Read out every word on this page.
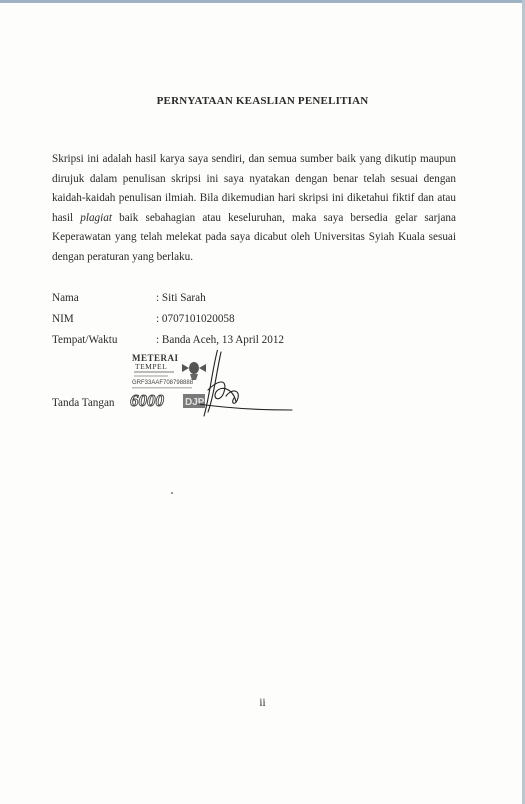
PERNYATAAN KEASLIAN PENELITIAN
Skripsi ini adalah hasil karya saya sendiri, dan semua sumber baik yang dikutip maupun dirujuk dalam penulisan skripsi ini saya nyatakan dengan benar telah sesuai dengan kaidah-kaidah penulisan ilmiah. Bila dikemudian hari skripsi ini diketahui fiktif dan atau hasil plagiat baik sebahagian atau keseluruhan, maka saya bersedia gelar sarjana Keperawatan yang telah melekat pada saya dicabut oleh Universitas Syiah Kuala sesuai dengan peraturan yang berlaku.
Nama	: Siti Sarah
NIM	: 0707101020058
Tempat/Waktu	: Banda Aceh, 13 April 2012
Tanda Tangan
METERAI
TEMPEL
GRF33AAF708798888
6000 DJP
ii
